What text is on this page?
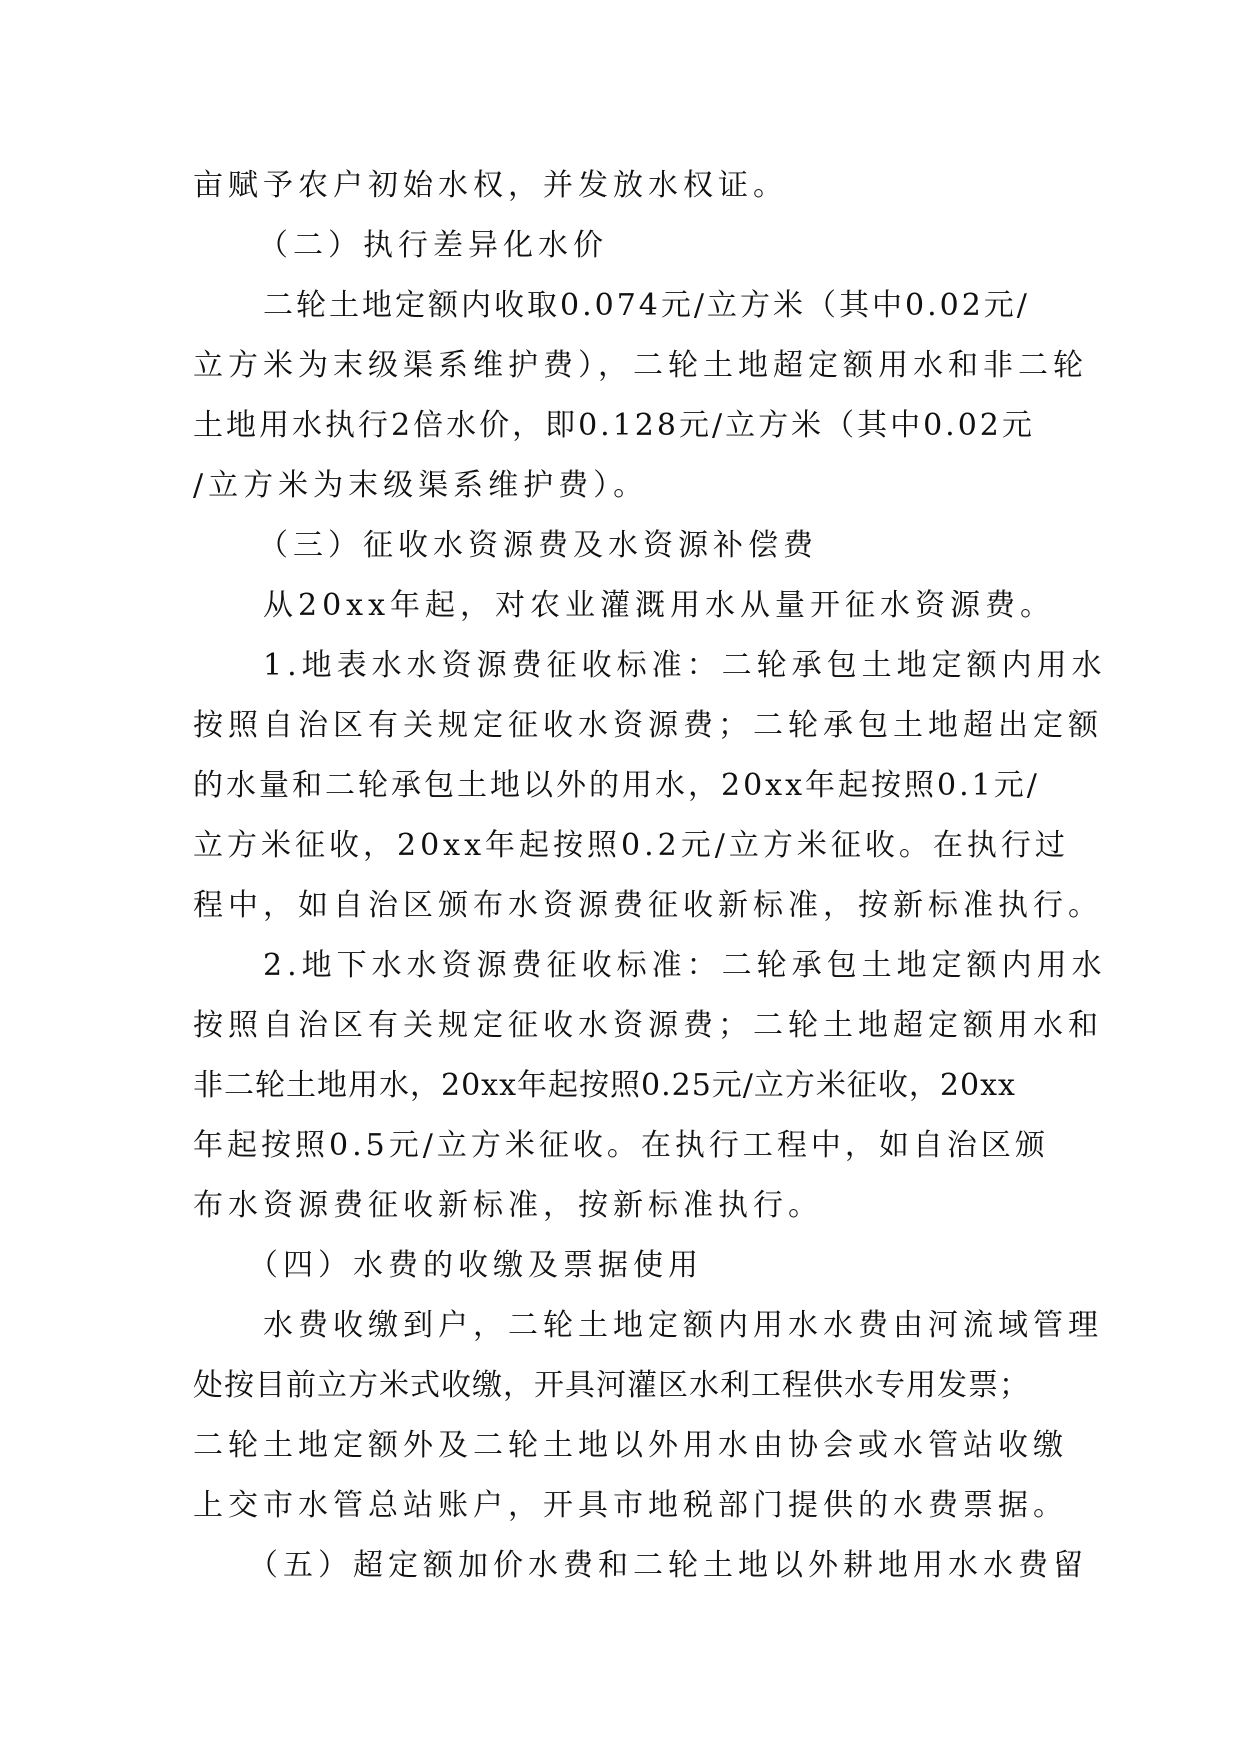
亩赋予农户初始水权，并发放水权证。
（二）执行差异化水价
二轮土地定额内收取0.074元/立方米（其中0.02元/
立方米为末级渠系维护费），二轮土地超定额用水和非二轮
土地用水执行2倍水价，即0.128元/立方米（其中0.02元
/立方米为末级渠系维护费）。
（三）征收水资源费及水资源补偿费
从20xx年起，对农业灌溉用水从量开征水资源费。
1.地表水水资源费征收标准：二轮承包土地定额内用水
按照自治区有关规定征收水资源费；二轮承包土地超出定额
的水量和二轮承包土地以外的用水，20xx年起按照0.1元/
立方米征收，20xx年起按照0.2元/立方米征收。在执行过
程中，如自治区颁布水资源费征收新标准，按新标准执行。
2.地下水水资源费征收标准：二轮承包土地定额内用水
按照自治区有关规定征收水资源费；二轮土地超定额用水和
非二轮土地用水，20xx年起按照0.25元/立方米征收，20xx
年起按照0.5元/立方米征收。在执行工程中，如自治区颁
布水资源费征收新标准，按新标准执行。
（四）水费的收缴及票据使用
水费收缴到户，二轮土地定额内用水水费由河流域管理
处按目前立方米式收缴，开具河灌区水利工程供水专用发票；
二轮土地定额外及二轮土地以外用水由协会或水管站收缴
上交市水管总站账户，开具市地税部门提供的水费票据。
（五）超定额加价水费和二轮土地以外耕地用水水费留
